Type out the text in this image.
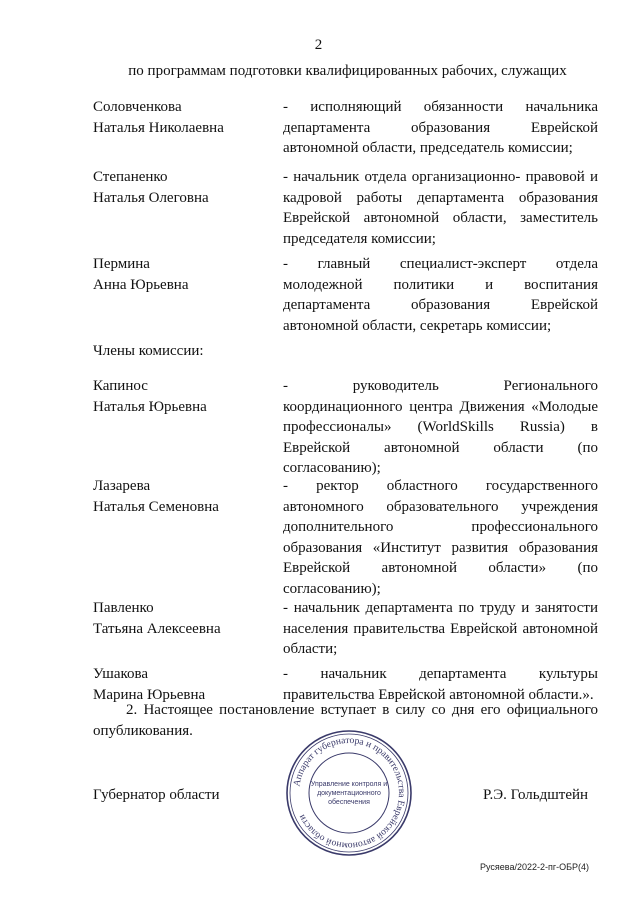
2
по программам подготовки квалифицированных рабочих, служащих
Соловченкова
Наталья Николаевна
- исполняющий обязанности начальника департамента образования Еврейской автономной области, председатель комиссии;
Степаненко
Наталья Олеговна
- начальник отдела организационно- правовой и кадровой работы департамента образования Еврейской автономной области, заместитель председателя комиссии;
Пермина
Анна Юрьевна
- главный специалист-эксперт отдела молодежной политики и воспитания департамента образования Еврейской автономной области, секретарь комиссии;
Члены комиссии:
Капинос
Наталья Юрьевна
- руководитель Регионального координационного центра Движения «Молодые профессионалы» (WorldSkills Russia) в Еврейской автономной области (по согласованию);
Лазарева
Наталья Семеновна
- ректор областного государственного автономного образовательного учреждения дополнительного профессионального образования «Институт развития образования Еврейской автономной области» (по согласованию);
Павленко
Татьяна Алексеевна
- начальник департамента по труду и занятости населения правительства Еврейской автономной области;
Ушакова
Марина Юрьевна
- начальник департамента культуры правительства Еврейской автономной области.».
2. Настоящее постановление вступает в силу со дня его официального опубликования.
Аппарат губернатора и правительства Еврейской автономной области
Управление контроля и
документационного
обеспечения
Губернатор области	Р.Э. Гольдштейн
Русяева/2022-2-пг-ОБР(4)
